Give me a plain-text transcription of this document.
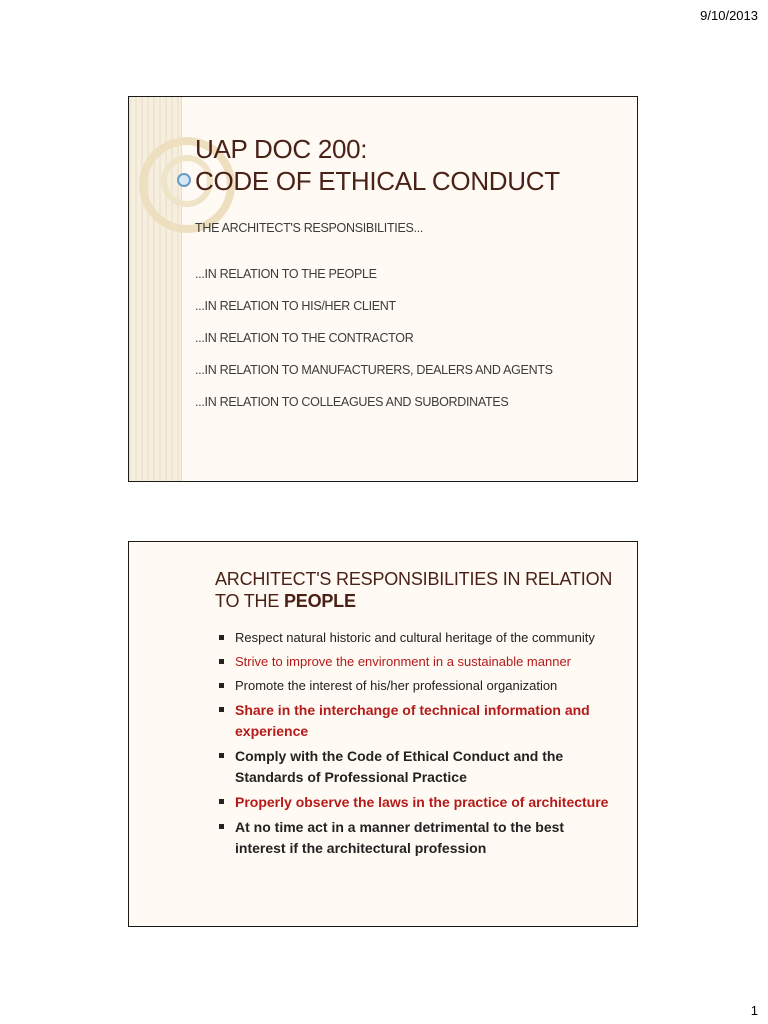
9/10/2013
UAP DOC 200:
CODE OF ETHICAL CONDUCT
THE ARCHITECT'S RESPONSIBILITIES...
...IN RELATION TO THE PEOPLE
...IN RELATION TO HIS/HER CLIENT
...IN RELATION TO THE CONTRACTOR
...IN RELATION TO MANUFACTURERS, DEALERS AND AGENTS
...IN RELATION TO COLLEAGUES AND SUBORDINATES
ARCHITECT'S RESPONSIBILITIES IN RELATION
TO THE PEOPLE
Respect natural historic and cultural heritage of the community
Strive to improve the environment in a sustainable manner
Promote the interest of his/her professional organization
Share in the interchange of technical information and experience
Comply with the Code of Ethical Conduct and the Standards of Professional Practice
Properly observe the laws in the practice of architecture
At no time act in a manner detrimental to the best interest if the architectural profession
1
